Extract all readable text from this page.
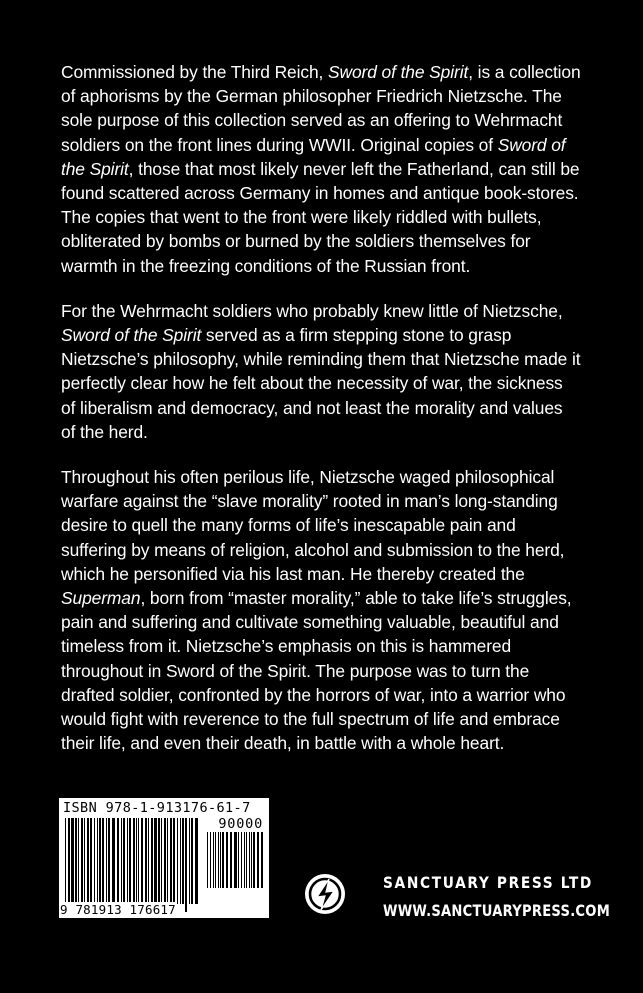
Commissioned by the Third Reich, Sword of the Spirit, is a collection of aphorisms by the German philosopher Friedrich Nietzsche. The sole purpose of this collection served as an offering to Wehrmacht soldiers on the front lines during WWII. Original copies of Sword of the Spirit, those that most likely never left the Fatherland, can still be found scattered across Germany in homes and antique book-stores. The copies that went to the front were likely riddled with bullets, obliterated by bombs or burned by the soldiers themselves for warmth in the freezing conditions of the Russian front.

For the Wehrmacht soldiers who probably knew little of Nietzsche, Sword of the Spirit served as a firm stepping stone to grasp Nietzsche’s philosophy, while reminding them that Nietzsche made it perfectly clear how he felt about the necessity of war, the sickness of liberalism and democracy, and not least the morality and values of the herd.

Throughout his often perilous life, Nietzsche waged philosophical warfare against the “slave morality” rooted in man’s long-standing desire to quell the many forms of life’s inescapable pain and suffering by means of religion, alcohol and submission to the herd, which he personified via his last man. He thereby created the Superman, born from “master morality,” able to take life’s struggles, pain and suffering and cultivate something valuable, beautiful and timeless from it. Nietzsche’s emphasis on this is hammered throughout in Sword of the Spirit. The purpose was to turn the drafted soldier, confronted by the horrors of war, into a warrior who would fight with reverence to the full spectrum of life and embrace their life, and even their death, in battle with a whole heart.

ISBN 978-1-913176-61-7
90000
9 781913 176617
SANCTUARY PRESS LTD
WWW.SANCTUARYPRESS.COM
